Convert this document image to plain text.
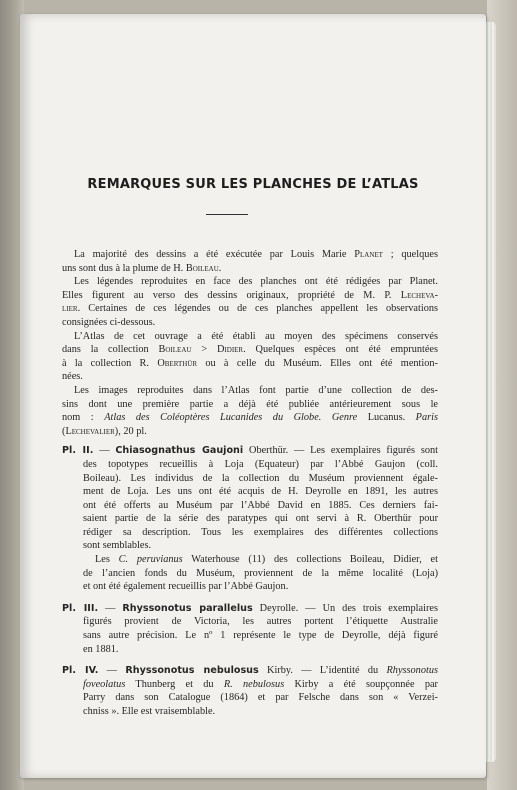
REMARQUES SUR LES PLANCHES DE L’ATLAS

La majorité des dessins a été exécutée par Louis Marie Planet ; quelques
uns sont dus à la plume de H. Boileau.

Les légendes reproduites en face des planches ont été rédigées par Planet.
Elles figurent au verso des dessins originaux, propriété de M. P. Lecheva-
lier. Certaines de ces légendes ou de ces planches appellent les observations
consignées ci-dessous.

L’Atlas de cet ouvrage a été établi au moyen des spécimens conservés
dans la collection Boileau > Didier. Quelques espèces ont été empruntées
à la collection R. Oberthür ou à celle du Muséum. Elles ont été mention-
nées.

Les images reproduites dans l’Atlas font partie d’une collection de des-
sins dont une première partie a déjà été publiée antérieurement sous le
nom : Atlas des Coléoptères Lucanides du Globe. Genre Lucanus. Paris
(Lechevalier), 20 pl.

Pl. II. — Chiasognathus Gaujoni Oberthür. — Les exemplaires figurés sont
des topotypes recueillis à Loja (Equateur) par l’Abbé Gaujon (coll.
Boileau). Les individus de la collection du Muséum proviennent égale-
ment de Loja. Les uns ont été acquis de H. Deyrolle en 1891, les autres
ont été offerts au Muséum par l’Abbé David en 1885. Ces derniers fai-
saient partie de la série des paratypes qui ont servi à R. Oberthür pour
rédiger sa description. Tous les exemplaires des différentes collections
sont semblables.
Les C. peruvianus Waterhouse (11) des collections Boileau, Didier, et
de l’ancien fonds du Muséum, proviennent de la même localité (Loja)
et ont été également recueillis par l’Abbé Gaujon.
Pl. III. — Rhyssonotus parallelus Deyrolle. — Un des trois exemplaires
figurés provient de Victoria, les autres portent l’étiquette Australie
sans autre précision. Le nº 1 représente le type de Deyrolle, déjà figuré
en 1881.
Pl. IV. — Rhyssonotus nebulosus Kirby. — L’identité du Rhyssonotus
foveolatus Thunberg et du R. nebulosus Kirby a été soupçonnée par
Parry dans son Catalogue (1864) et par Felsche dans son « Verzei-
chniss ». Elle est vraisemblable.
